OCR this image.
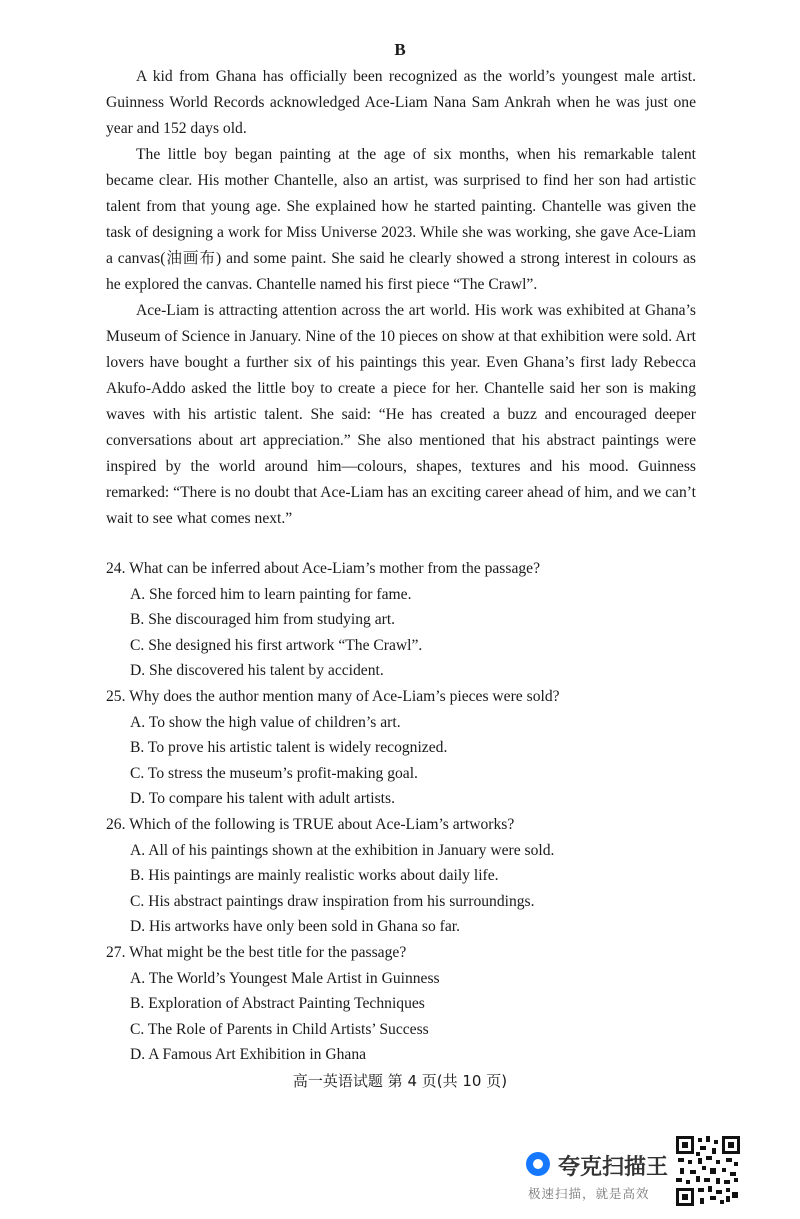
B

A kid from Ghana has officially been recognized as the world’s youngest male artist. Guinness World Records acknowledged Ace-Liam Nana Sam Ankrah when he was just one year and 152 days old.

The little boy began painting at the age of six months, when his remarkable talent became clear. His mother Chantelle, also an artist, was surprised to find her son had artistic talent from that young age. She explained how he started painting. Chantelle was given the task of designing a work for Miss Universe 2023. While she was working, she gave Ace-Liam a canvas(油画布) and some paint. She said he clearly showed a strong interest in colours as he explored the canvas. Chantelle named his first piece “The Crawl”.

Ace-Liam is attracting attention across the art world. His work was exhibited at Ghana’s Museum of Science in January. Nine of the 10 pieces on show at that exhibition were sold. Art lovers have bought a further six of his paintings this year. Even Ghana’s first lady Rebecca Akufo-Addo asked the little boy to create a piece for her. Chantelle said her son is making waves with his artistic talent. She said: “He has created a buzz and encouraged deeper conversations about art appreciation.” She also mentioned that his abstract paintings were inspired by the world around him—colours, shapes, textures and his mood. Guinness remarked: “There is no doubt that Ace-Liam has an exciting career ahead of him, and we can’t wait to see what comes next.”

24. What can be inferred about Ace-Liam’s mother from the passage?

A. She forced him to learn painting for fame.

B. She discouraged him from studying art.

C. She designed his first artwork “The Crawl”.

D. She discovered his talent by accident.

25. Why does the author mention many of Ace-Liam’s pieces were sold?

A. To show the high value of children’s art.

B. To prove his artistic talent is widely recognized.

C. To stress the museum’s profit-making goal.

D. To compare his talent with adult artists.

26. Which of the following is TRUE about Ace-Liam’s artworks?

A. All of his paintings shown at the exhibition in January were sold.

B. His paintings are mainly realistic works about daily life.

C. His abstract paintings draw inspiration from his surroundings.

D. His artworks have only been sold in Ghana so far.

27. What might be the best title for the passage?

A. The World’s Youngest Male Artist in Guinness

B. Exploration of Abstract Painting Techniques

C. The Role of Parents in Child Artists’ Success

D. A Famous Art Exhibition in Ghana

高一英语试题 第 4 页(共 10 页)
夸克扫描王
极速扫描，就是高效
